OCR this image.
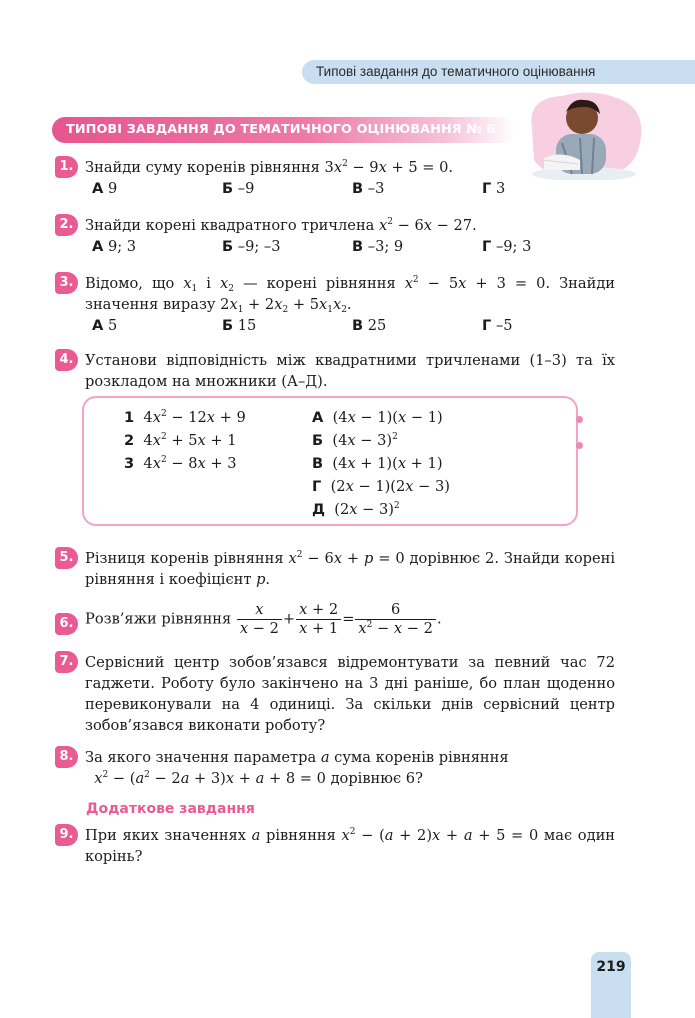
Типові завдання до тематичного оцінювання
ТИПОВІ ЗАВДАННЯ ДО ТЕМАТИЧНОГО ОЦІНЮВАННЯ № 6
1. Знайди суму коренів рівняння $3x^2 - 9x + 5 = 0$.
А 9	Б –9	В –3	Г 3
2. Знайди корені квадратного тричлена $x^2 - 6x - 27$.
А 9; 3	Б –9; –3	В –3; 9	Г –9; 3
3. Відомо, що $x_1$ і $x_2$ — корені рівняння $x^2 - 5x + 3 = 0$. Знайди значення виразу $2x_1 + 2x_2 + 5x_1x_2$.
А 5	Б 15	В 25	Г –5
4. Установи відповідність між квадратними тричленами (1–3) та їх розкладом на множники (А–Д).
1  $4x^2 - 12x + 9$
2  $4x^2 + 5x + 1$
3  $4x^2 - 8x + 3$
А  (4x − 1)(x − 1)
Б  $(4x - 3)^2$
В  (4x + 1)(x + 1)
Г  (2x − 1)(2x − 3)
Д  $(2x - 3)^2$
5. Різниця коренів рівняння $x^2 - 6x + p = 0$ дорівнює 2. Знайди корені рівняння і коефіцієнт p.
6. Розв’яжи рівняння $\frac{x}{x - 2} + \frac{x + 2}{x + 1} = \frac{6}{x^2 - x - 2}$ .
7. Сервісний центр зобов’язався відремонтувати за певний час 72 гаджети. Роботу було закінчено на 3 дні раніше, бо план щоденно перевиконували на 4 одиниці. За скільки днів сервісний центр зобов’язався виконати роботу?
8. За якого значення параметра a сума коренів рівняння
$x^2 - (a^2 - 2a + 3)x + a + 8 = 0$ дорівнює 6?
Додаткове завдання
9. При яких значеннях a рівняння $x^2 - (a + 2)x + a + 5 = 0$ має один корінь?
219
